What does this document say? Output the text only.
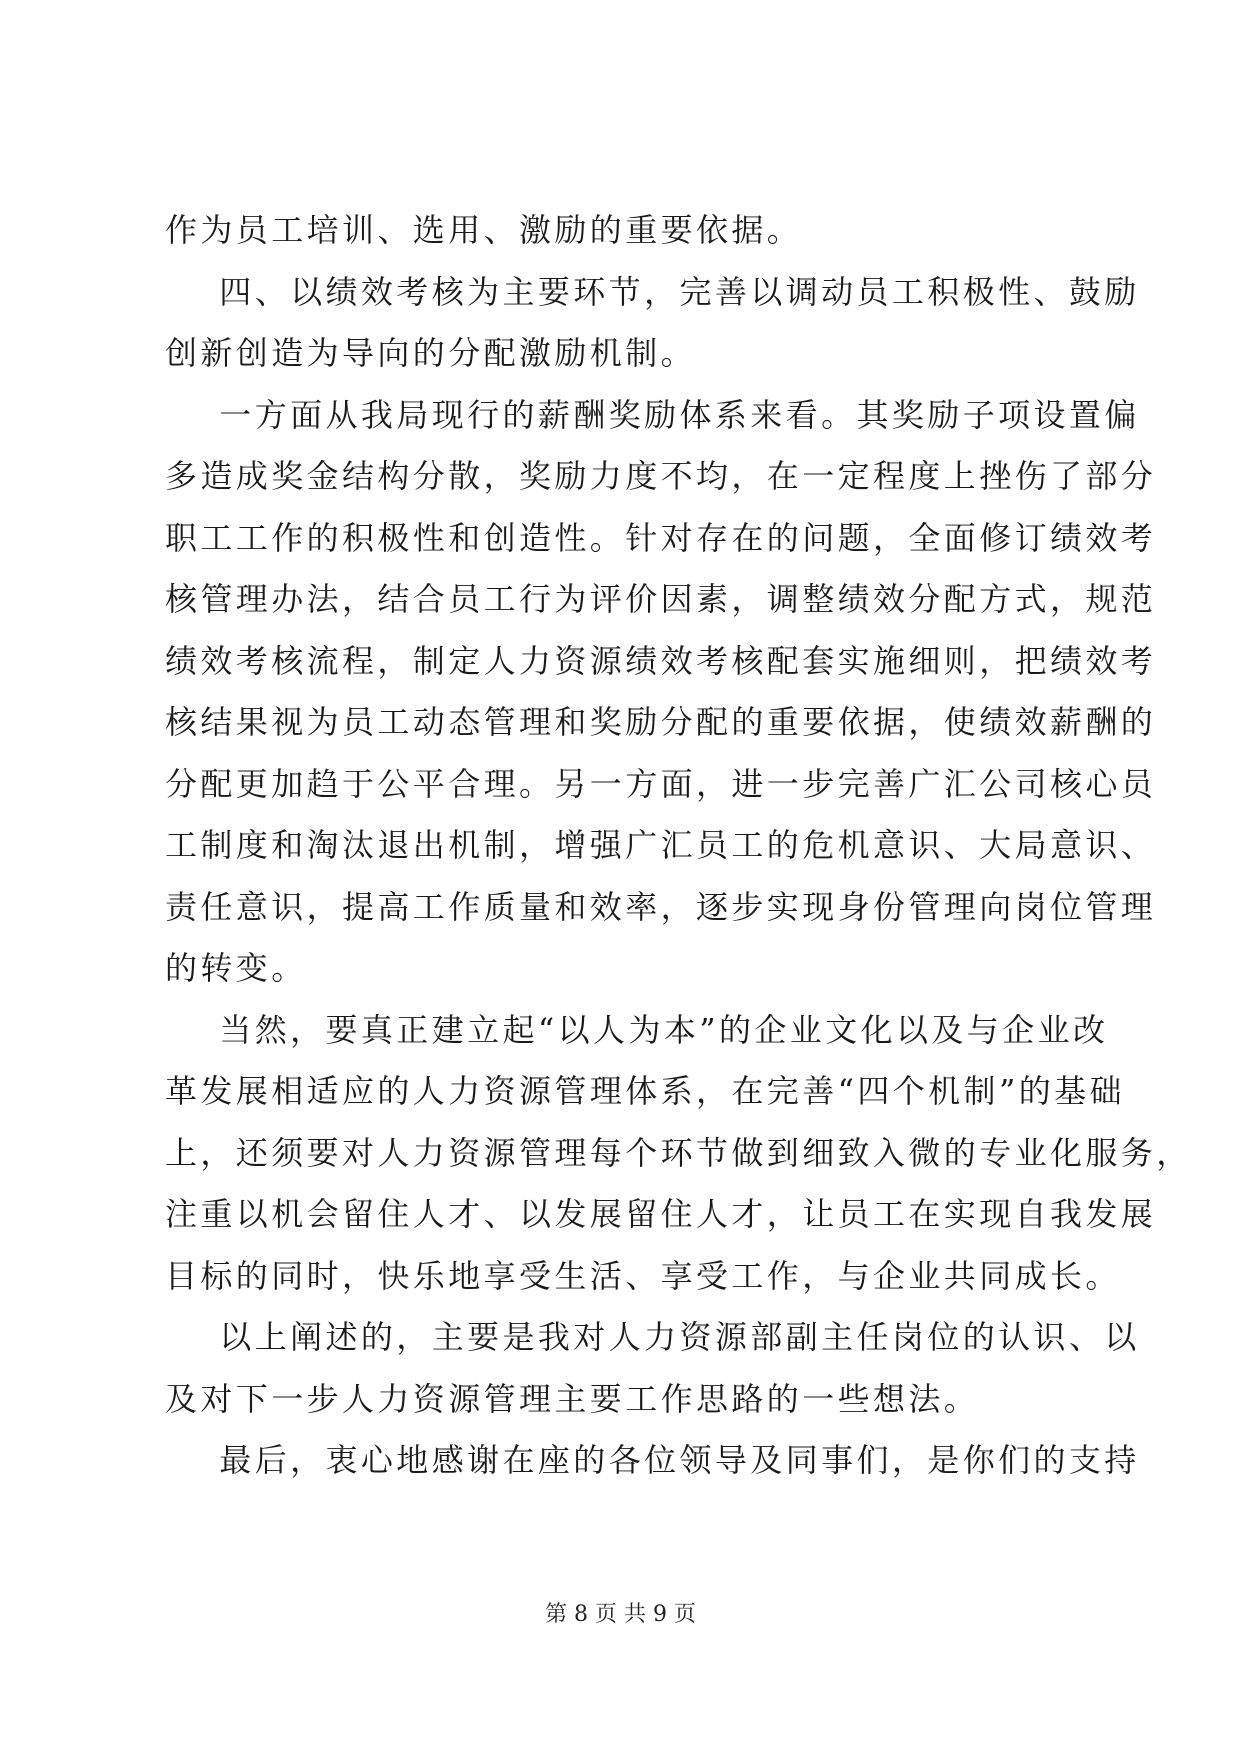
作为员工培训、选用、激励的重要依据。
四、以绩效考核为主要环节，完善以调动员工积极性、鼓励
创新创造为导向的分配激励机制。
一方面从我局现行的薪酬奖励体系来看。其奖励子项设置偏
多造成奖金结构分散，奖励力度不均，在一定程度上挫伤了部分
职工工作的积极性和创造性。针对存在的问题，全面修订绩效考
核管理办法，结合员工行为评价因素，调整绩效分配方式，规范
绩效考核流程，制定人力资源绩效考核配套实施细则，把绩效考
核结果视为员工动态管理和奖励分配的重要依据，使绩效薪酬的
分配更加趋于公平合理。另一方面，进一步完善广汇公司核心员
工制度和淘汰退出机制，增强广汇员工的危机意识、大局意识、
责任意识，提高工作质量和效率，逐步实现身份管理向岗位管理
的转变。
当然，要真正建立起“以人为本”的企业文化以及与企业改
革发展相适应的人力资源管理体系，在完善“四个机制”的基础
上，还须要对人力资源管理每个环节做到细致入微的专业化服务，
注重以机会留住人才、以发展留住人才，让员工在实现自我发展
目标的同时，快乐地享受生活、享受工作，与企业共同成长。
以上阐述的，主要是我对人力资源部副主任岗位的认识、以
及对下一步人力资源管理主要工作思路的一些想法。
最后，衷心地感谢在座的各位领导及同事们，是你们的支持
第 8 页 共 9 页
